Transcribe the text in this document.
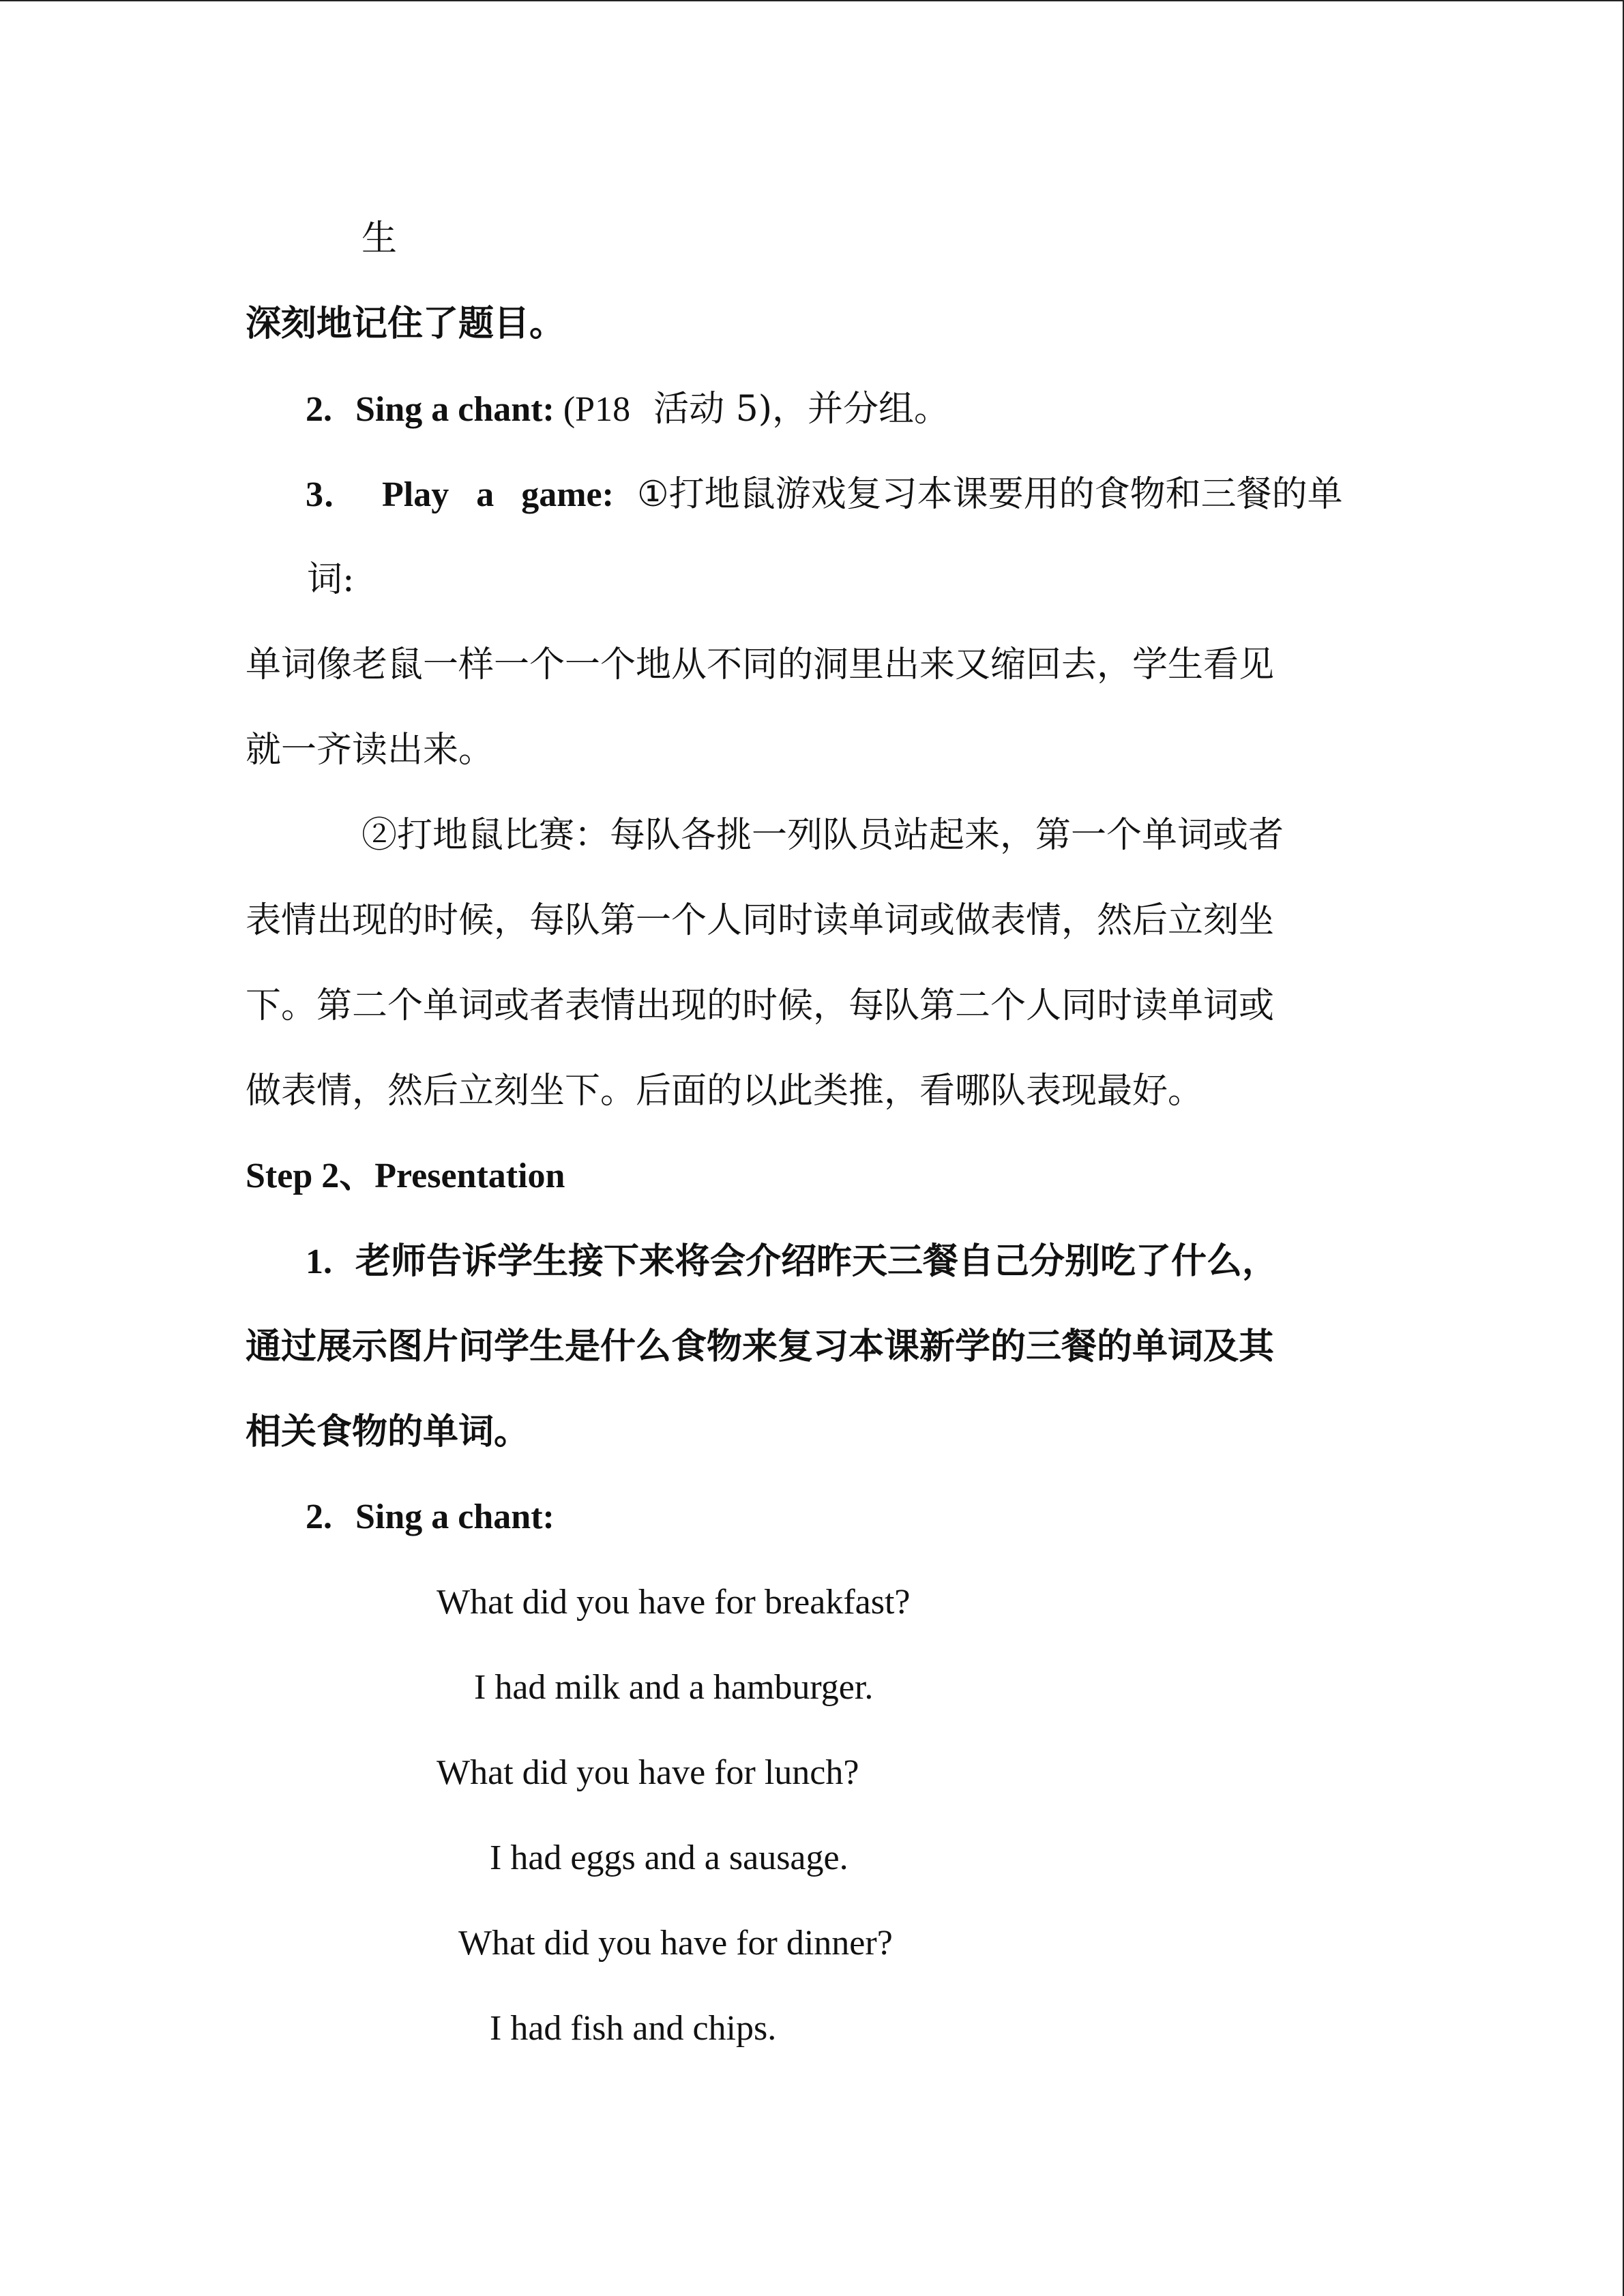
生
深刻地记住了题目。
2. Sing a chant: (P18 活动 5)，并分组。
3． Play a game: ①打地鼠游戏复习本课要用的食物和三餐的单
词:
单词像老鼠一样一个一个地从不同的洞里出来又缩回去，学生看见
就一齐读出来。
②打地鼠比赛：每队各挑一列队员站起来，第一个单词或者
表情出现的时候，每队第一个人同时读单词或做表情，然后立刻坐
下。第二个单词或者表情出现的时候，每队第二个人同时读单词或
做表情，然后立刻坐下。后面的以此类推，看哪队表现最好。
Step 2、Presentation
1. 老师告诉学生接下来将会介绍昨天三餐自己分别吃了什么，
通过展示图片问学生是什么食物来复习本课新学的三餐的单词及其
相关食物的单词。
2. Sing a chant:
What did you have for breakfast?
I had milk and a hamburger.
What did you have for lunch?
I had eggs and a sausage.
What did you have for dinner?
I had fish and chips.
